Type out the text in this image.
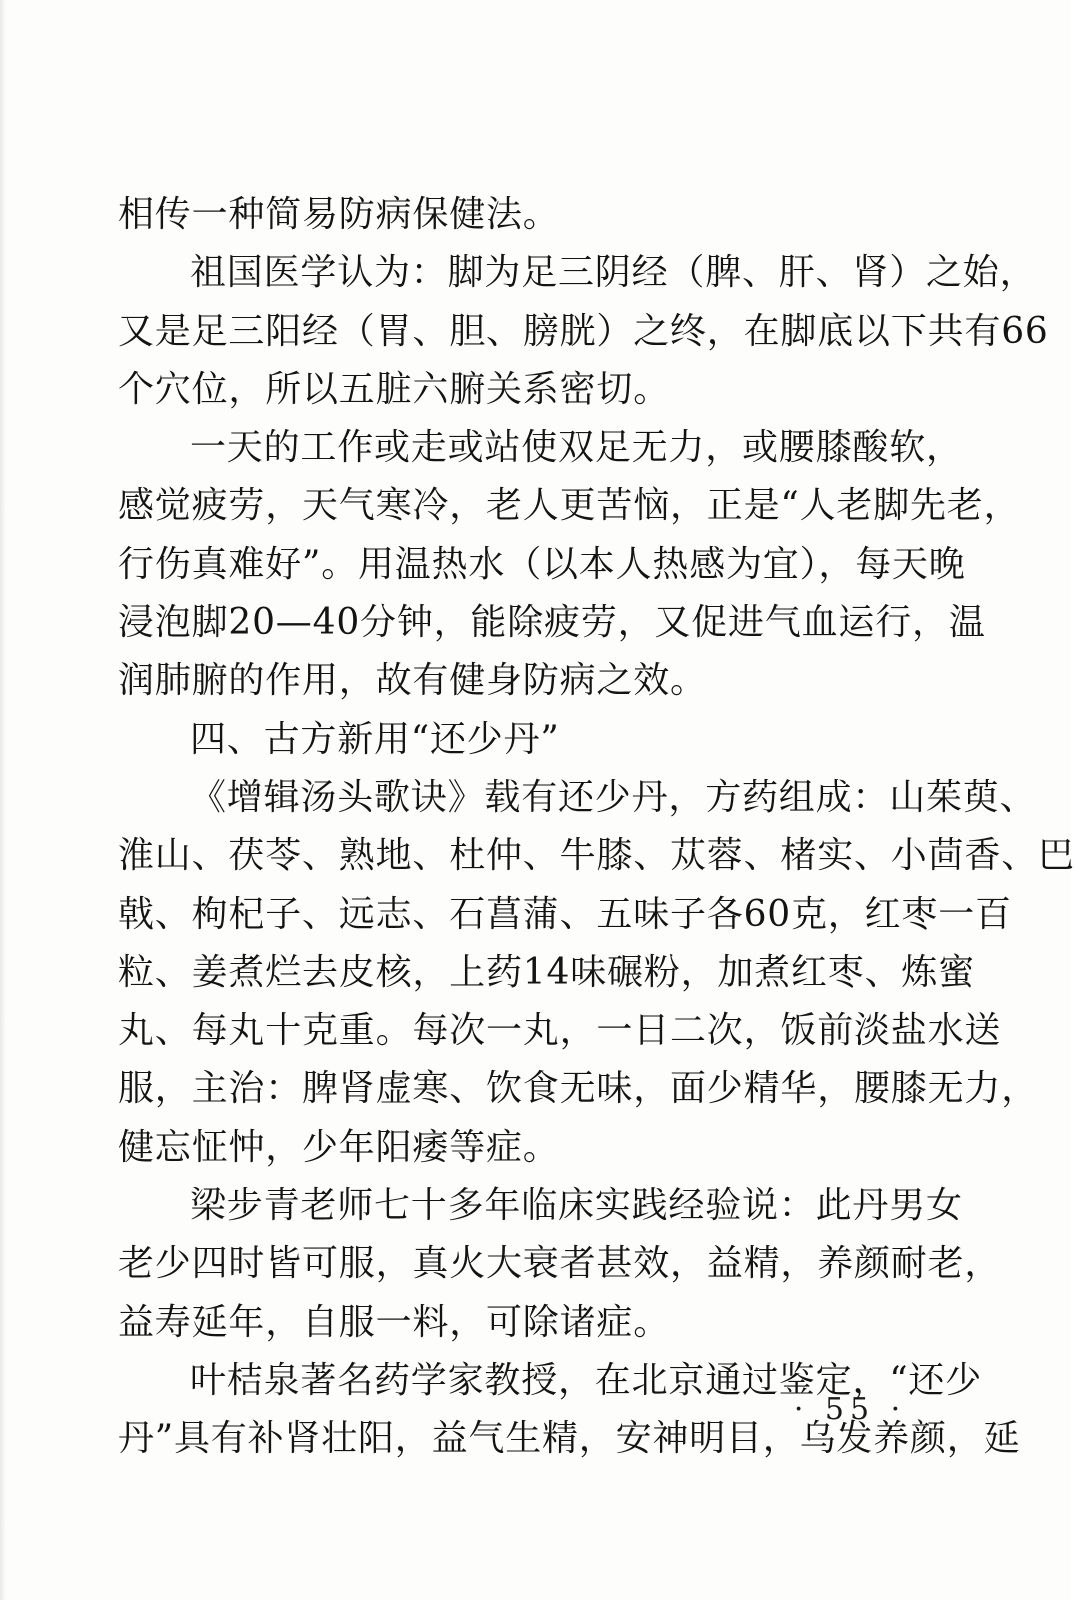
相传一种简易防病保健法。
祖国医学认为：脚为足三阴经（脾、肝、肾）之始，
又是足三阳经（胃、胆、膀胱）之终，在脚底以下共有66
个穴位，所以五脏六腑关系密切。
一天的工作或走或站使双足无力，或腰膝酸软，
感觉疲劳，天气寒冷，老人更苦恼，正是“人老脚先老，
行伤真难好”。用温热水（以本人热感为宜），每天晚
浸泡脚20—40分钟，能除疲劳，又促进气血运行，温
润肺腑的作用，故有健身防病之效。
四、古方新用“还少丹”
《增辑汤头歌诀》载有还少丹，方药组成：山茱萸、
淮山、茯苓、熟地、杜仲、牛膝、苁蓉、楮实、小茴香、巴
戟、枸杞子、远志、石菖蒲、五味子各60克，红枣一百
粒、姜煮烂去皮核，上药14味碾粉，加煮红枣、炼蜜
丸、每丸十克重。每次一丸，一日二次，饭前淡盐水送
服，主治：脾肾虚寒、饮食无味，面少精华，腰膝无力，
健忘怔忡，少年阳痿等症。
梁步青老师七十多年临床实践经验说：此丹男女
老少四时皆可服，真火大衰者甚效，益精，养颜耐老，
益寿延年，自服一料，可除诸症。
叶桔泉著名药学家教授，在北京通过鉴定，“还少
丹”具有补肾壮阳，益气生精，安神明目，乌发养颜，延
· 55 ·
